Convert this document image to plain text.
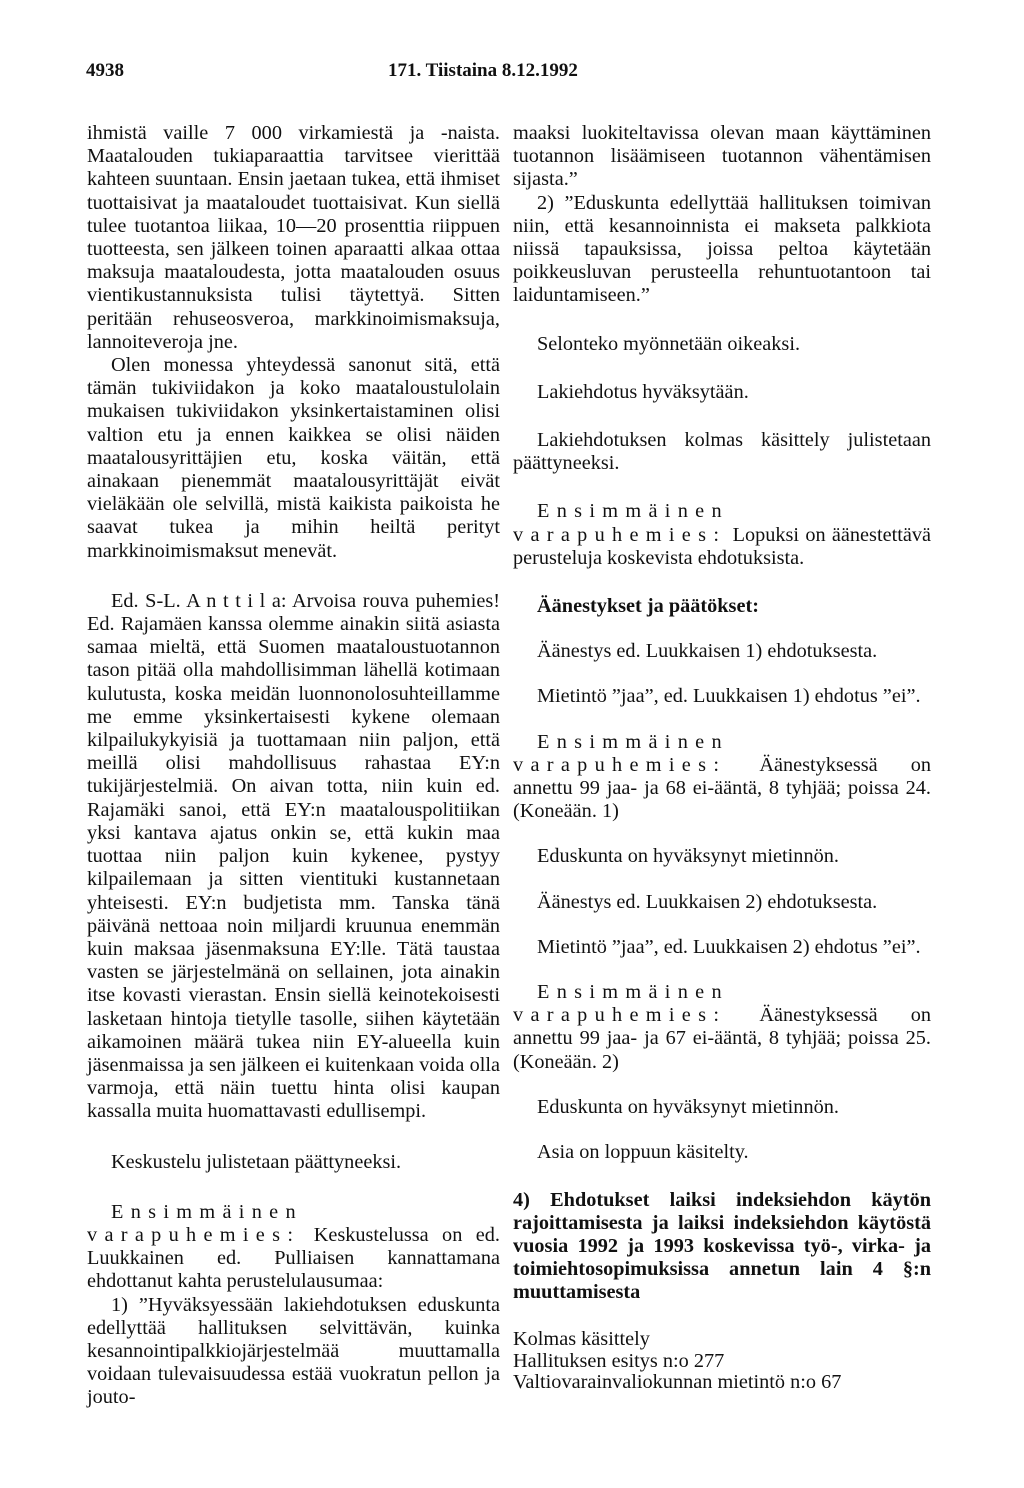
4938	171. Tiistaina 8.12.1992

ihmistä vaille 7 000 virkamiestä ja -naista. Maatalouden tukiaparaattia tarvitsee vierittää kahteen suuntaan. Ensin jaetaan tukea, että ihmiset tuottaisivat ja maataloudet tuottaisivat. Kun siellä tulee tuotantoa liikaa, 10—20 prosenttia riippuen tuotteesta, sen jälkeen toinen aparaatti alkaa ottaa maksuja maataloudesta, jotta maatalouden osuus vientikustannuksista tulisi täytettyä. Sitten peritään rehuseosveroa, markkinoimismaksuja, lannoiteveroja jne.

Olen monessa yhteydessä sanonut sitä, että tämän tukiviidakon ja koko maataloustulolain mukaisen tukiviidakon yksinkertaistaminen olisi valtion etu ja ennen kaikkea se olisi näiden maatalousyrittäjien etu, koska väitän, että ainakaan pienemmät maatalousyrittäjät eivät vieläkään ole selvillä, mistä kaikista paikoista he saavat tukea ja mihin heiltä perityt markkinoimismaksut menevät.

Ed. S-L. A n t t i l a: Arvoisa rouva puhemies! Ed. Rajamäen kanssa olemme ainakin siitä asiasta samaa mieltä, että Suomen maataloustuotannon tason pitää olla mahdollisimman lähellä kotimaan kulutusta, koska meidän luonnonolosuhteillamme me emme yksinkertaisesti kykene olemaan kilpailukykyisiä ja tuottamaan niin paljon, että meillä olisi mahdollisuus rahastaa EY:n tukijärjestelmiä. On aivan totta, niin kuin ed. Rajamäki sanoi, että EY:n maatalouspolitiikan yksi kantava ajatus onkin se, että kukin maa tuottaa niin paljon kuin kykenee, pystyy kilpailemaan ja sitten vientituki kustannetaan yhteisesti. EY:n budjetista mm. Tanska tänä päivänä nettoaa noin miljardi kruunua enemmän kuin maksaa jäsenmaksuna EY:lle. Tätä taustaa vasten se järjestelmänä on sellainen, jota ainakin itse kovasti vierastan. Ensin siellä keinotekoisesti lasketaan hintoja tietylle tasolle, siihen käytetään aikamoinen määrä tukea niin EY-alueella kuin jäsenmaissa ja sen jälkeen ei kuitenkaan voida olla varmoja, että näin tuettu hinta olisi kaupan kassalla muita huomattavasti edullisempi.

Keskustelu julistetaan päättyneeksi.

Ensimmäinen varapuhemies: Keskustelussa on ed. Luukkainen ed. Pulliaisen kannattamana ehdottanut kahta perustelulausumaa:

1) ”Hyväksyessään lakiehdotuksen eduskunta edellyttää hallituksen selvittävän, kuinka kesannointipalkkiojärjestelmää muuttamalla voidaan tulevaisuudessa estää vuokratun pellon ja jouto-

maaksi luokiteltavissa olevan maan käyttäminen tuotannon lisäämiseen tuotannon vähentämisen sijasta.”

2) ”Eduskunta edellyttää hallituksen toimivan niin, että kesannoinnista ei makseta palkkiota niissä tapauksissa, joissa peltoa käytetään poikkeusluvan perusteella rehuntuotantoon tai laiduntamiseen.”

Selonteko myönnetään oikeaksi.

Lakiehdotus hyväksytään.

Lakiehdotuksen kolmas käsittely julistetaan päättyneeksi.

Ensimmäinen varapuhemies: Lopuksi on äänestettävä perusteluja koskevista ehdotuksista.

Äänestykset ja päätökset:

Äänestys ed. Luukkaisen 1) ehdotuksesta.

Mietintö ”jaa”, ed. Luukkaisen 1) ehdotus ”ei”.

Ensimmäinen varapuhemies: Äänestyksessä on annettu 99 jaa- ja 68 ei-ääntä, 8 tyhjää; poissa 24. (Koneään. 1)

Eduskunta on hyväksynyt mietinnön.

Äänestys ed. Luukkaisen 2) ehdotuksesta.

Mietintö ”jaa”, ed. Luukkaisen 2) ehdotus ”ei”.

Ensimmäinen varapuhemies: Äänestyksessä on annettu 99 jaa- ja 67 ei-ääntä, 8 tyhjää; poissa 25. (Koneään. 2)

Eduskunta on hyväksynyt mietinnön.

Asia on loppuun käsitelty.

4) Ehdotukset laiksi indeksiehdon käytön rajoittamisesta ja laiksi indeksiehdon käytöstä vuosia 1992 ja 1993 koskevissa työ-, virka- ja toimiehtosopimuksissa annetun lain 4 §:n muuttamisesta

Kolmas käsittely

Hallituksen esitys n:o 277

Valtiovarainvaliokunnan mietintö n:o 67
